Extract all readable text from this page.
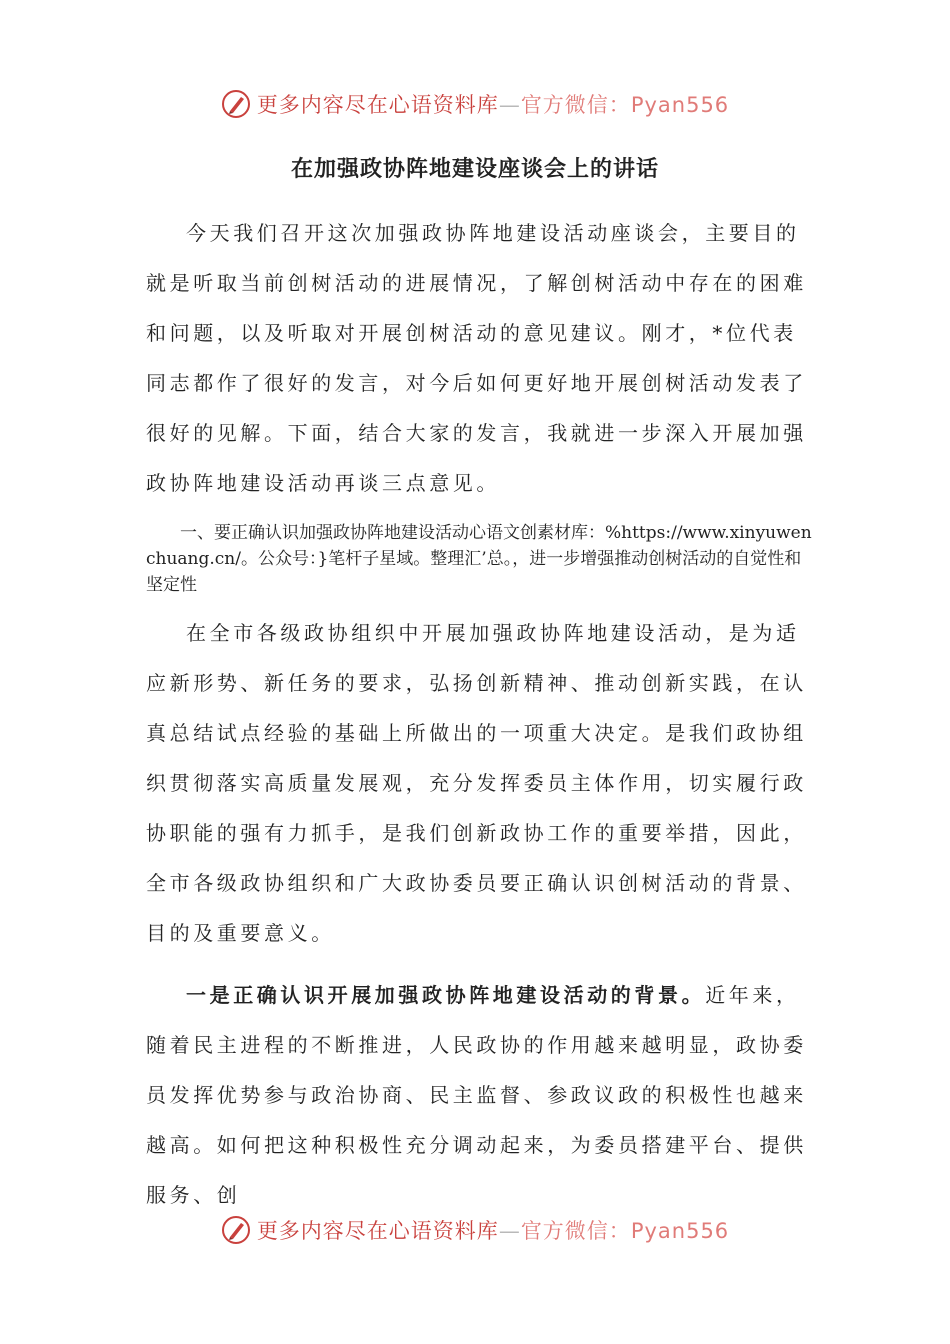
更多内容尽在心语资料库—官方微信：Pyan556
在加强政协阵地建设座谈会上的讲话

今天我们召开这次加强政协阵地建设活动座谈会，主要目的就是听取当前创树活动的进展情况，了解创树活动中存在的困难和问题，以及听取对开展创树活动的意见建议。刚才，*位代表同志都作了很好的发言，对今后如何更好地开展创树活动发表了很好的见解。下面，结合大家的发言，我就进一步深入开展加强政协阵地建设活动再谈三点意见。

一、要正确认识加强政协阵地建设活动心语文创素材库：%https://www.xinyuwenchuang.cn/。公众号：}笔杆子星域。整理汇’总。，进一步增强推动创树活动的自觉性和坚定性

在全市各级政协组织中开展加强政协阵地建设活动，是为适应新形势、新任务的要求，弘扬创新精神、推动创新实践，在认真总结试点经验的基础上所做出的一项重大决定。是我们政协组织贯彻落实高质量发展观，充分发挥委员主体作用，切实履行政协职能的强有力抓手，是我们创新政协工作的重要举措，因此，全市各级政协组织和广大政协委员要正确认识创树活动的背景、目的及重要意义。

一是正确认识开展加强政协阵地建设活动的背景。近年来，随着民主进程的不断推进，人民政协的作用越来越明显，政协委员发挥优势参与政治协商、民主监督、参政议政的积极性也越来越高。如何把这种积极性充分调动起来，为委员搭建平台、提供服务、创

更多内容尽在心语资料库—官方微信：Pyan556
